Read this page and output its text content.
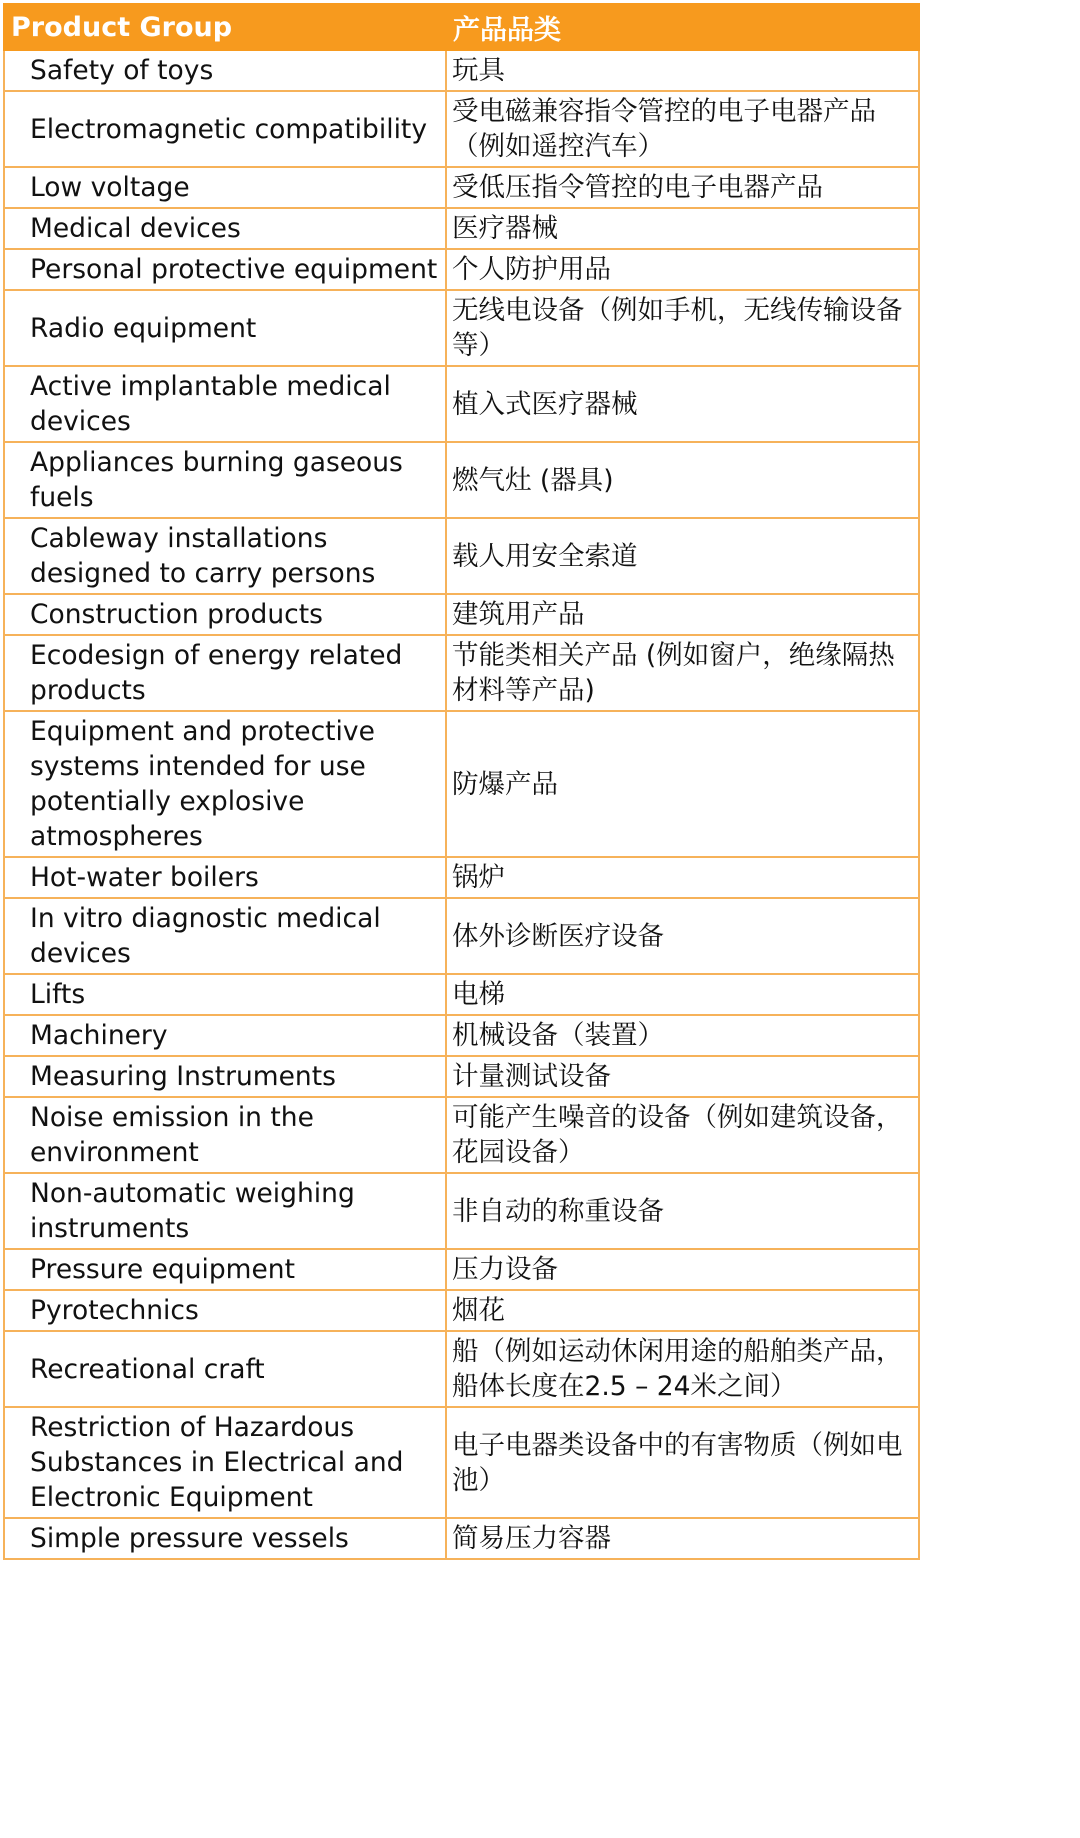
Product Group	产品品类
Safety of toys	玩具
Electromagnetic compatibility	受电磁兼容指令管控的电子电器产品（例如遥控汽车）
Low voltage	受低压指令管控的电子电器产品
Medical devices	医疗器械
Personal protective equipment	个人防护用品
Radio equipment	无线电设备（例如手机，无线传输设备等）
Active implantable medical devices	植入式医疗器械
Appliances burning gaseous fuels	燃气灶 (器具)
Cableway installations designed to carry persons	载人用安全索道
Construction products	建筑用产品
Ecodesign of energy related products	节能类相关产品 (例如窗户，绝缘隔热材料等产品)
Equipment and protective systems intended for use potentially explosive atmospheres	防爆产品
Hot-water boilers	锅炉
In vitro diagnostic medical devices	体外诊断医疗设备
Lifts	电梯
Machinery	机械设备（装置）
Measuring Instruments	计量测试设备
Noise emission in the environment	可能产生噪音的设备（例如建筑设备，花园设备）
Non-automatic weighing instruments	非自动的称重设备
Pressure equipment	压力设备
Pyrotechnics	烟花
Recreational craft	船（例如运动休闲用途的船舶类产品，船体长度在2.5 – 24米之间）
Restriction of Hazardous Substances in Electrical and Electronic Equipment	电子电器类设备中的有害物质（例如电池）
Simple pressure vessels	简易压力容器
